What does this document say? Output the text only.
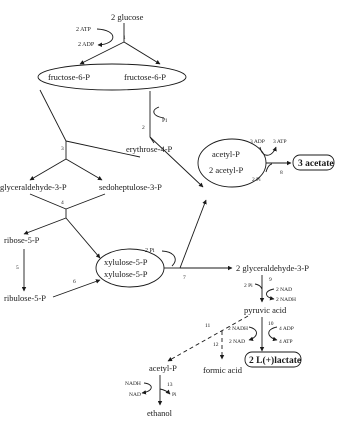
2 glucose
2 ATP
2 ADP
1
fructose-6-P	fructose-6-P
Pi
2
erythrose-4-P
3
glyceraldehyde-3-P	sedoheptulose-3-P
4
ribose-5-P
5
ribulose-5-P
6
xylulose-5-P
xylulose-5-P
2 Pi
7
acetyl-P
2 acetyl-P
3 ADP 3 ATP
2 Pi
8
3 acetate
2 glyceraldehyde-3-P
9
2 Pi
2 NAD
2 NADH
pyruvic acid
10
2 NADH
2 NAD
4 ADP
4 ATP
2 L(+)lactate
11
12
formic acid
acetyl-P
13
NADH
NAD	Pi
ethanol
